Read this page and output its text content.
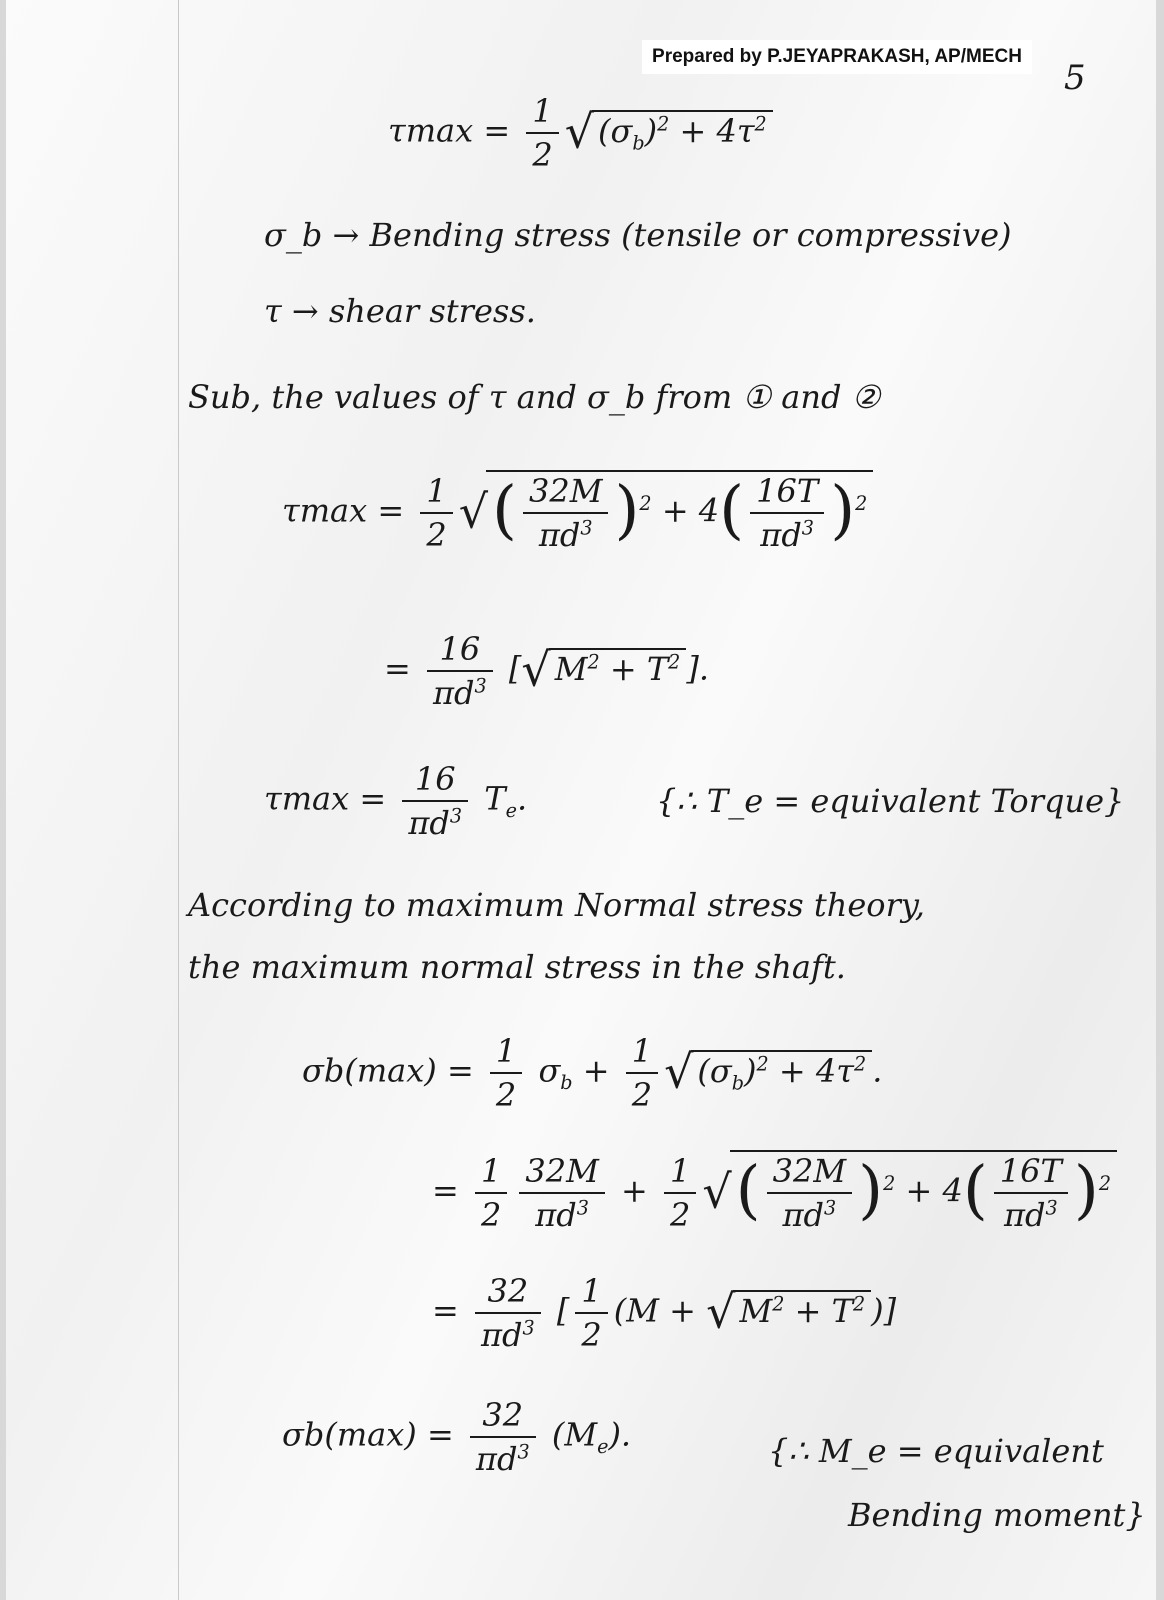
Prepared by P.JEYAPRAKASH, AP/MECH
5
$\tau\max = \frac{1}{2}$ √ $(\sigma_b)^2 + 4\tau^2$
σ_b → Bending stress (tensile or compressive)
τ → shear stress.
Sub, the values of τ and σ_b from ① and ②
$\tau\max = \frac{1}{2}$ √( $\frac{32M}{\pi d^3} )^2 + 4( \frac{16T}{\pi d^3} )^2$
= $\frac{16}{\pi d^3}$ [√ $M^2 + T^2$ ].
$\tau\max = \frac{16}{\pi d^3} T_e$.	{∴ T_e = equivalent Torque}
According to maximum Normal stress theory,
the maximum normal stress in the shaft.
$\sigma b(\max) = \frac{1}{2} \sigma_b + \frac{1}{2}$ √ $(\sigma_b)^2 + 4\tau^2$ .
= $\frac{1}{2} \frac{32M}{\pi d^3} + \frac{1}{2}$ √( $\frac{32M}{\pi d^3} )^2 + 4( \frac{16T}{\pi d^3} )^2$
= $\frac{32}{\pi d^3}$ [ $\frac{1}{2} (M$ + √ $M^2 + T^2$ )]
$\sigma b(\max) = \frac{32}{\pi d^3} (M_e)$.	{∴ M_e = equivalent
Bending moment}
